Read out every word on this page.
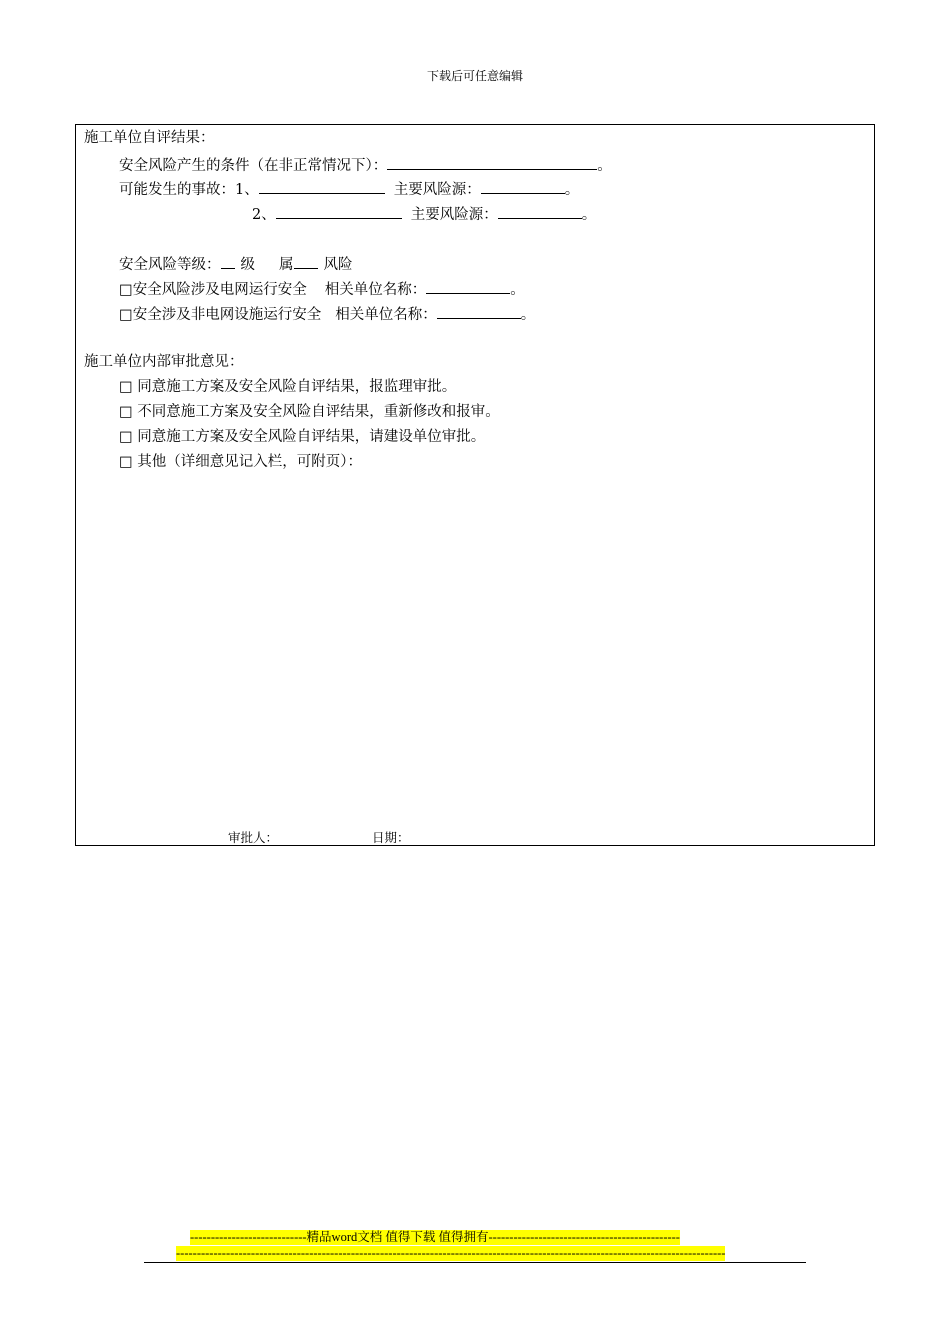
下载后可任意编辑
施工单位自评结果：
安全风险产生的条件（在非正常情况下）：	。
可能发生的事故：1、	主要风险源：	。
2、	主要风险源：	。
安全风险等级： 级 属 风险
□安全风险涉及电网运行安全 相关单位名称：	。
□安全涉及非电网设施运行安全 相关单位名称：	。
施工单位内部审批意见：
□ 同意施工方案及安全风险自评结果，报监理审批。
□ 不同意施工方案及安全风险自评结果，重新修改和报审。
□ 同意施工方案及安全风险自评结果，请建设单位审批。
□ 其他（详细意见记入栏，可附页）：
审批人：	日期：
----------------------------精品word文档 值得下载 值得拥有----------------------------------------------
------------------------------------------------------------------------------------------------------------------------------------
